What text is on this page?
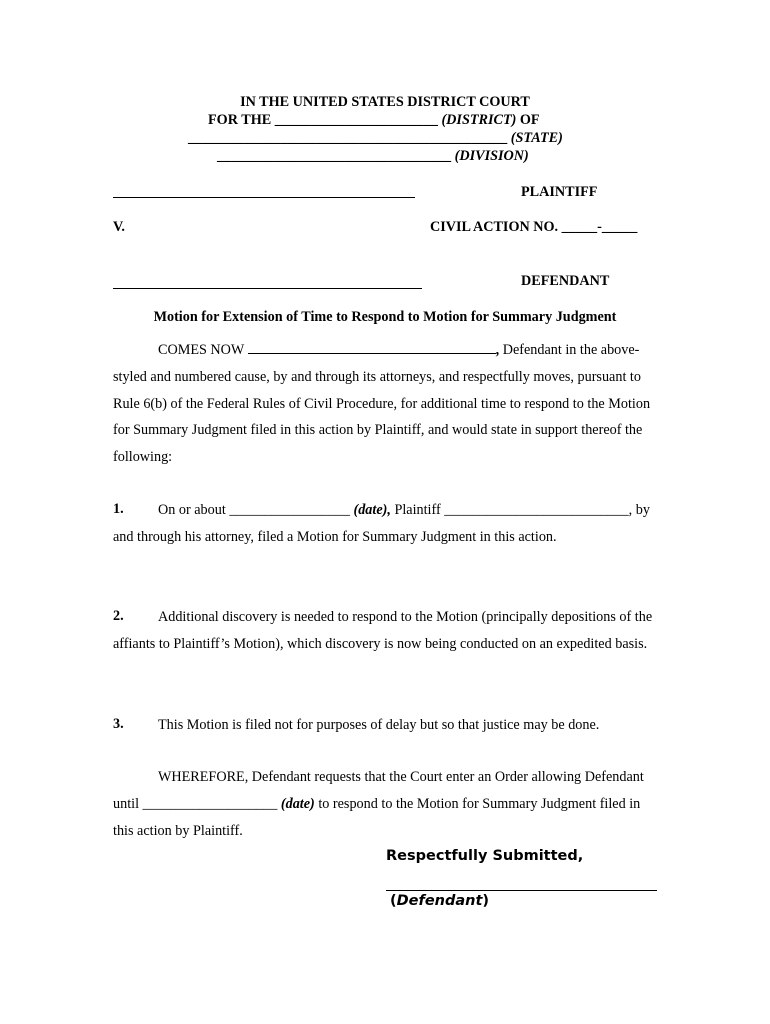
IN THE UNITED STATES DISTRICT COURT
FOR THE _______________________ (DISTRICT) OF
_____________________________________________ (STATE)
_________________________________ (DIVISION)
PLAINTIFF
V.	CIVIL ACTION NO. _____-_____
DEFENDANT
Motion for Extension of Time to Respond to Motion for Summary Judgment
COMES NOW	, Defendant in the above-
styled and numbered cause, by and through its attorneys, and respectfully moves, pursuant to Rule 6(b) of the Federal Rules of Civil Procedure, for additional time to respond to the Motion for Summary Judgment filed in this action by Plaintiff, and would state in support thereof the following:
1.	On or about _________________ (date), Plaintiff __________________________, by and through his attorney, filed a Motion for Summary Judgment in this action.
2.	Additional discovery is needed to respond to the Motion (principally depositions of the affiants to Plaintiff’s Motion), which discovery is now being conducted on an expedited basis.
3.	This Motion is filed not for purposes of delay but so that justice may be done.
WHEREFORE, Defendant requests that the Court enter an Order allowing Defendant until ___________________ (date) to respond to the Motion for Summary Judgment filed in this action by Plaintiff.
Respectfully Submitted,
(Defendant)
